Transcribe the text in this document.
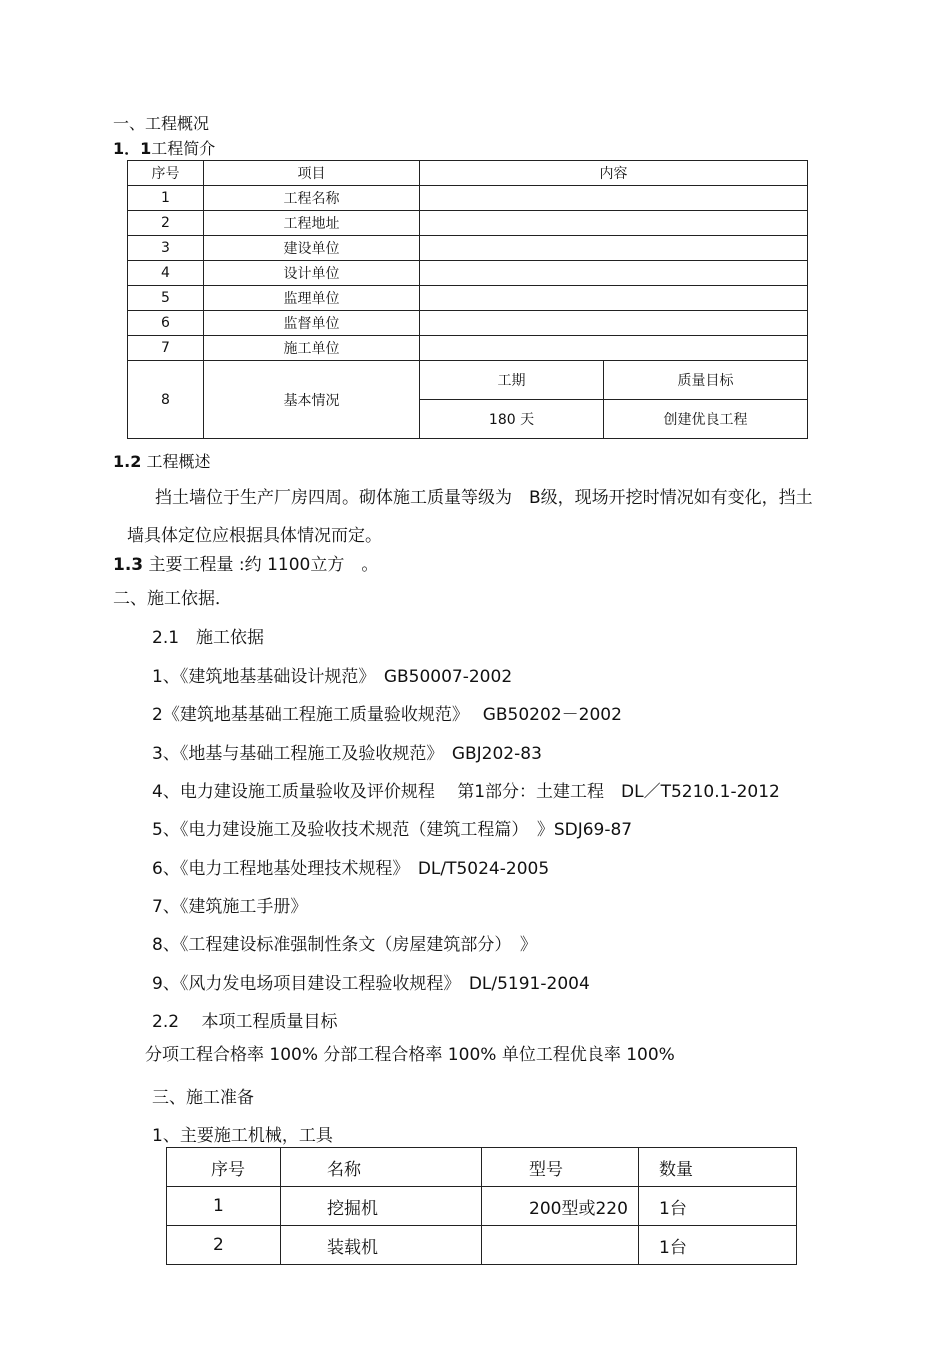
一、工程概况
1．1工程简介
序号	项目	内容	
1	工程名称		
2	工程地址		
3	建设单位		
4	设计单位		
5	监理单位		
6	监督单位		
7	施工单位		
8	基本情况	工期	质量目标
		180 天	创建优良工程
1.2 工程概述
挡土墙位于生产厂房四周。砌体施工质量等级为　B级，现场开挖时情况如有变化，挡土
墙具体定位应根据具体情况而定。
1.3 主要工程量 :约 1100立方　。
二、施工依据．
2.1　施工依据
1、《建筑地基基础设计规范》　GB50007-2002
2《建筑地基基础工程施工质量验收规范》　 GB50202－2002
3、《地基与基础工程施工及验收规范》　GBJ202-83
4、电力建设施工质量验收及评价规程　 第1部分：土建工程　DL／T5210.1-2012
5、《电力建设施工及验收技术规范（建筑工程篇）　》SDJ69-87
6、《电力工程地基处理技术规程》　DL/T5024-2005
7、《建筑施工手册》
8、《工程建设标准强制性条文（房屋建筑部分）　》
9、《风力发电场项目建设工程验收规程》　DL/5191-2004
2.2　 本项工程质量目标
分项工程合格率 100% 分部工程合格率 100% 单位工程优良率 100%
三、施工准备
1、主要施工机械，工具
序号	名称	型号	数量
1	挖掘机	200型或220	1台
2	装载机		1台
